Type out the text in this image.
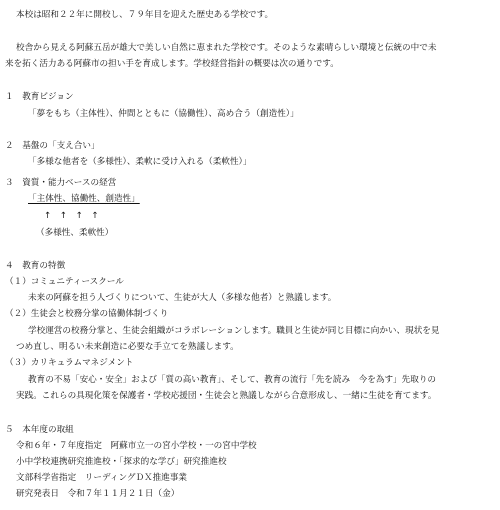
本校は昭和２２年に開校し、７９年目を迎えた歴史ある学校です。
校舎から見える阿蘇五岳が雄大で美しい自然に恵まれた学校です。そのような素晴らしい環境と伝統の中で未
来を拓く活力ある阿蘇市の担い手を育成します。学校経営指針の概要は次の通りです。
１　教育ビジョン
「夢をもち（主体性）、仲間とともに（協働性）、高め合う（創造性）」
２　基盤の「支え合い」
「多様な他者を（多様性）、柔軟に受け入れる（柔軟性）」
３　資質・能力ベースの経営
「主体性、協働性、創造性」
↑　↑　↑　↑
（多様性、柔軟性）
４　教育の特徴
（１）コミュニティースクール
未来の阿蘇を担う人づくりについて、生徒が大人（多様な他者）と熟議します。
（２）生徒会と校務分掌の協働体制づくり
学校運営の校務分掌と、生徒会組織がコラボレーションします。職員と生徒が同じ目標に向かい、現状を見
つめ直し、明るい未来創造に必要な手立てを熟議します。
（３）カリキュラムマネジメント
教育の不易「安心・安全」および「質の高い教育」、そして、教育の流行「先を読み　今を為す」先取りの
実践。これらの具現化策を保護者・学校応援団・生徒会と熟議しながら合意形成し、一緒に生徒を育てます。
５　本年度の取組
令和６年・７年度指定　阿蘇市立一の宮小学校・一の宮中学校
小中学校連携研究推進校・「探求的な学び」研究推進校
文部科学省指定　リーディングＤＸ推進事業
研究発表日　令和７年１１月２１日（金）
